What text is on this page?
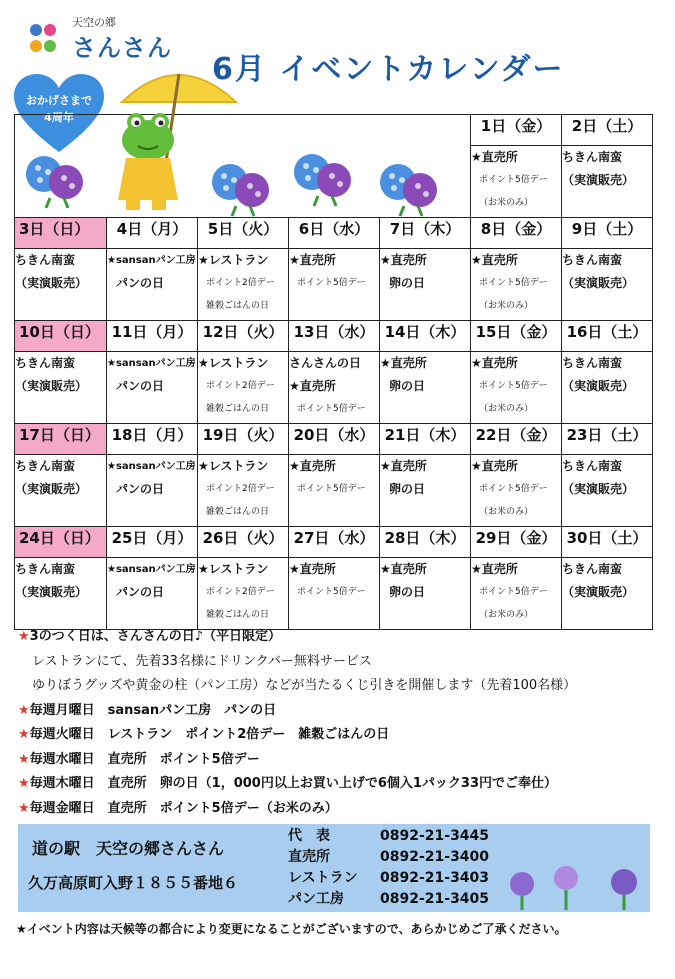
天空の郷
さんさん
6月 イベントカレンダー
おかげさまで
4周年
						1日（金）	2日（土）

					★直売所
ポイント5倍デー
（お米のみ）	ちきん南蛮
（実演販売）

3日（日）	4日（月）	5日（火）	6日（水）	7日（木）	8日（金）	9日（土）

ちきん南蛮
（実演販売）	★sansanパン工房
パンの日	★レストラン
ポイント2倍デー
雑穀ごはんの日	★直売所
ポイント5倍デー	★直売所
卵の日	★直売所
ポイント5倍デー
（お米のみ）	ちきん南蛮
（実演販売）

10日（日）	11日（月）	12日（火）	13日（水）	14日（木）	15日（金）	16日（土）

ちきん南蛮
（実演販売）	★sansanパン工房
パンの日	★レストラン
ポイント2倍デー
雑穀ごはんの日	さんさんの日
★直売所
ポイント5倍デー	★直売所
卵の日	★直売所
ポイント5倍デー
（お米のみ）	ちきん南蛮
（実演販売）

17日（日）	18日（月）	19日（火）	20日（水）	21日（木）	22日（金）	23日（土）

ちきん南蛮
（実演販売）	★sansanパン工房
パンの日	★レストラン
ポイント2倍デー
雑穀ごはんの日	★直売所
ポイント5倍デー	★直売所
卵の日	★直売所
ポイント5倍デー
（お米のみ）	ちきん南蛮
（実演販売）

24日（日）	25日（月）	26日（火）	27日（水）	28日（木）	29日（金）	30日（土）

ちきん南蛮
（実演販売）	★sansanパン工房
パンの日	★レストラン
ポイント2倍デー
雑穀ごはんの日	★直売所
ポイント5倍デー	★直売所
卵の日	★直売所
ポイント5倍デー
（お米のみ）	ちきん南蛮
（実演販売）
★3のつく日は、さんさんの日♪（平日限定）
レストランにて、先着33名様にドリンクバー無料サービス
ゆりぼうグッズや黄金の柱（パン工房）などが当たるくじ引きを開催します（先着100名様）
★毎週月曜日　sansanパン工房　パンの日
★毎週火曜日　レストラン　ポイント2倍デー　雑穀ごはんの日
★毎週水曜日　直売所　ポイント5倍デー
★毎週木曜日　直売所　卵の日（1，000円以上お買い上げで6個入1パック33円でご奉仕）
★毎週金曜日　直売所　ポイント5倍デー（お米のみ）
道の駅　天空の郷さんさん
久万高原町入野１８５５番地６
代　表	0892-21-3445
直売所	0892-21-3400
レストラン 0892-21-3403
パン工房	0892-21-3405
★イベント内容は天候等の都合により変更になることがございますので、あらかじめご了承ください。
